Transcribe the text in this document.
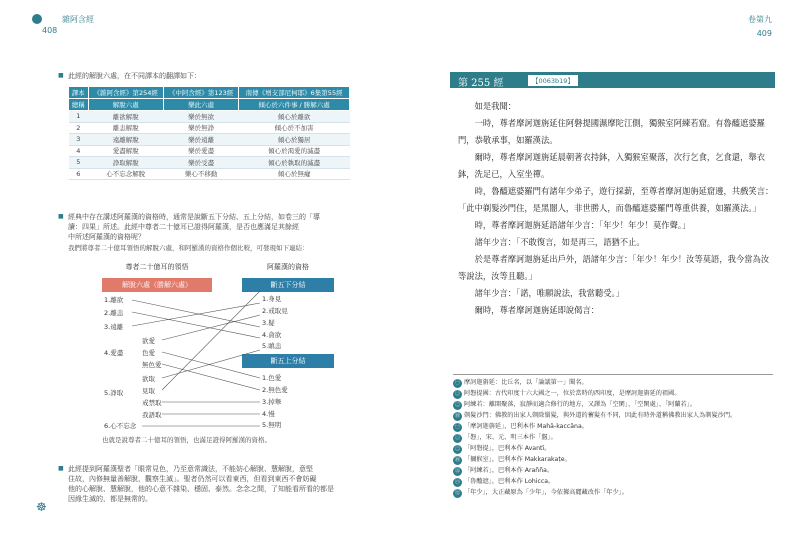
雜阿含經
408
■ 此經的解脫六處，在不同譯本的翻譯如下：
譯本	《雜阿含經》第254經	《中阿含經》第123經	南傳《增支部尼柯耶》6集第55經
總稱	解脫六處	樂此六處	傾心於六件事 / 勝解六處
1	離欲解脫	樂於無欲	傾心於離欲
2	離恚解脫	樂於無諍	傾心於不加害
3	遠離解脫	樂於遠離	傾心於獨居
4	愛盡解脫	樂於愛盡	傾心於渴愛的滅盡
5	諍取解脫	樂於受盡	傾心於執取的滅盡
6	心不忘念解脫	樂心不移動	傾心於無癡
■ 經典中存在講述阿羅漢的資格時，通常是說斷五下分結、五上分結，如卷三的「導
讀：四果」所述。此經中尊者二十億耳已證得阿羅漢，是否也應滿足其餘經
中所述阿羅漢的資格呢？
我們將尊者二十億耳領悟的解脫六處，和阿羅漢的資格作個比較，可發現如下連結：
尊者二十億耳的領悟	阿羅漢的資格
解脫六處（勝解六處）	斷五下分結
斷五上分結
1.離欲
2.離恚
3.遠離
4.愛盡
5.諍取
6.心不忘念
欲愛
色愛
無色愛
欲取
見取
戒禁取
我語取
1.身見
2.戒取見
3.疑
4.貪欲
5.瞋恚
1.色愛
2.無色愛
3.掉舉
4.慢
5.無明
也就是說尊者二十億耳的領悟，也滿足證得阿羅漢的資格。
■ 此經提到阿羅漢聖者「眼常見色，乃至意常識法，不能妨心解脫、慧解脫，意堅
住故，內修無量善解脫，觀察生滅」。聖者仍然可以看東西，但看到東西不會妨礙
他的心解脫、慧解脫，他的心意不雜染、穩固、泰然。念念之間，了知能看所看的都是
因緣生滅的，都是無常的。
☸
卷第九
409
第 255 經	【0063b19】

如是我聞：

一時，尊者摩訶迦旃延住阿磐提國濕摩陀江側，獨猴室阿練若窟。有魯醯遮婆羅門，恭敬承事，如羅漢法。

爾時，尊者摩訶迦旃延晨朝著衣持鉢，入獨猴室聚落，次行乞食，乞食還，舉衣鉢，洗足已，入室坐禪。

時，魯醯遮婆羅門有諸年少弟子，遊行採薪，至尊者摩訶迦旃延窟邊，共戲笑言：「此中剃髮沙門住，是黑闇人，非世勝人，而魯醯遮婆羅門尊重供養，如羅漢法。」

時，尊者摩訶迦旃延語諸年少言：「年少！年少！莫作聲。」

諸年少言：「不敢復言，如是再三，語猶不止。

於是尊者摩訶迦旃延出戶外，語諸年少言：「年少！年少！汝等莫語，我今當為汝等說法，汝等且聽。」

諸年少言：「諾，唯願說法，我當聽受。」

爾時，尊者摩訶迦旃延即說偈言：

㊀ 摩訶迦旃延：比丘名，以「論議第一」聞名。
㊁ 阿磐提國：古代印度十六大國之一，位於當時的西印度，是摩訶迦旃延的祖國。
㊂ 阿練若：離開聚落，寂靜而適合修行的地方，又譯為「空閑」、「空閑處」、「阿蘭若」。
㊃ 剃髮沙門：佛教的出家人剃除鬚髮，與外道的蓄髮有不同，因此有時外道稱佛教出家人為剃髮沙門。
㊀ 「摩訶迦旃延」，巴利本作 Mahā-kaccāna。
㊁ 「磐」，宋、元、明三本作「盤」。
㊂ 「阿磐提」，巴利本作 Avantī。
㊃ 「獮猴室」，巴利本作 Makkarakaṭe。
㊄ 「阿練若」，巴利本作 Araññа。
㊅ 「魯醯遮」，巴利本作 Lohicca。
㊆ 「年少」，大正藏原為「少年」，今依據高麗藏改作「年少」。
